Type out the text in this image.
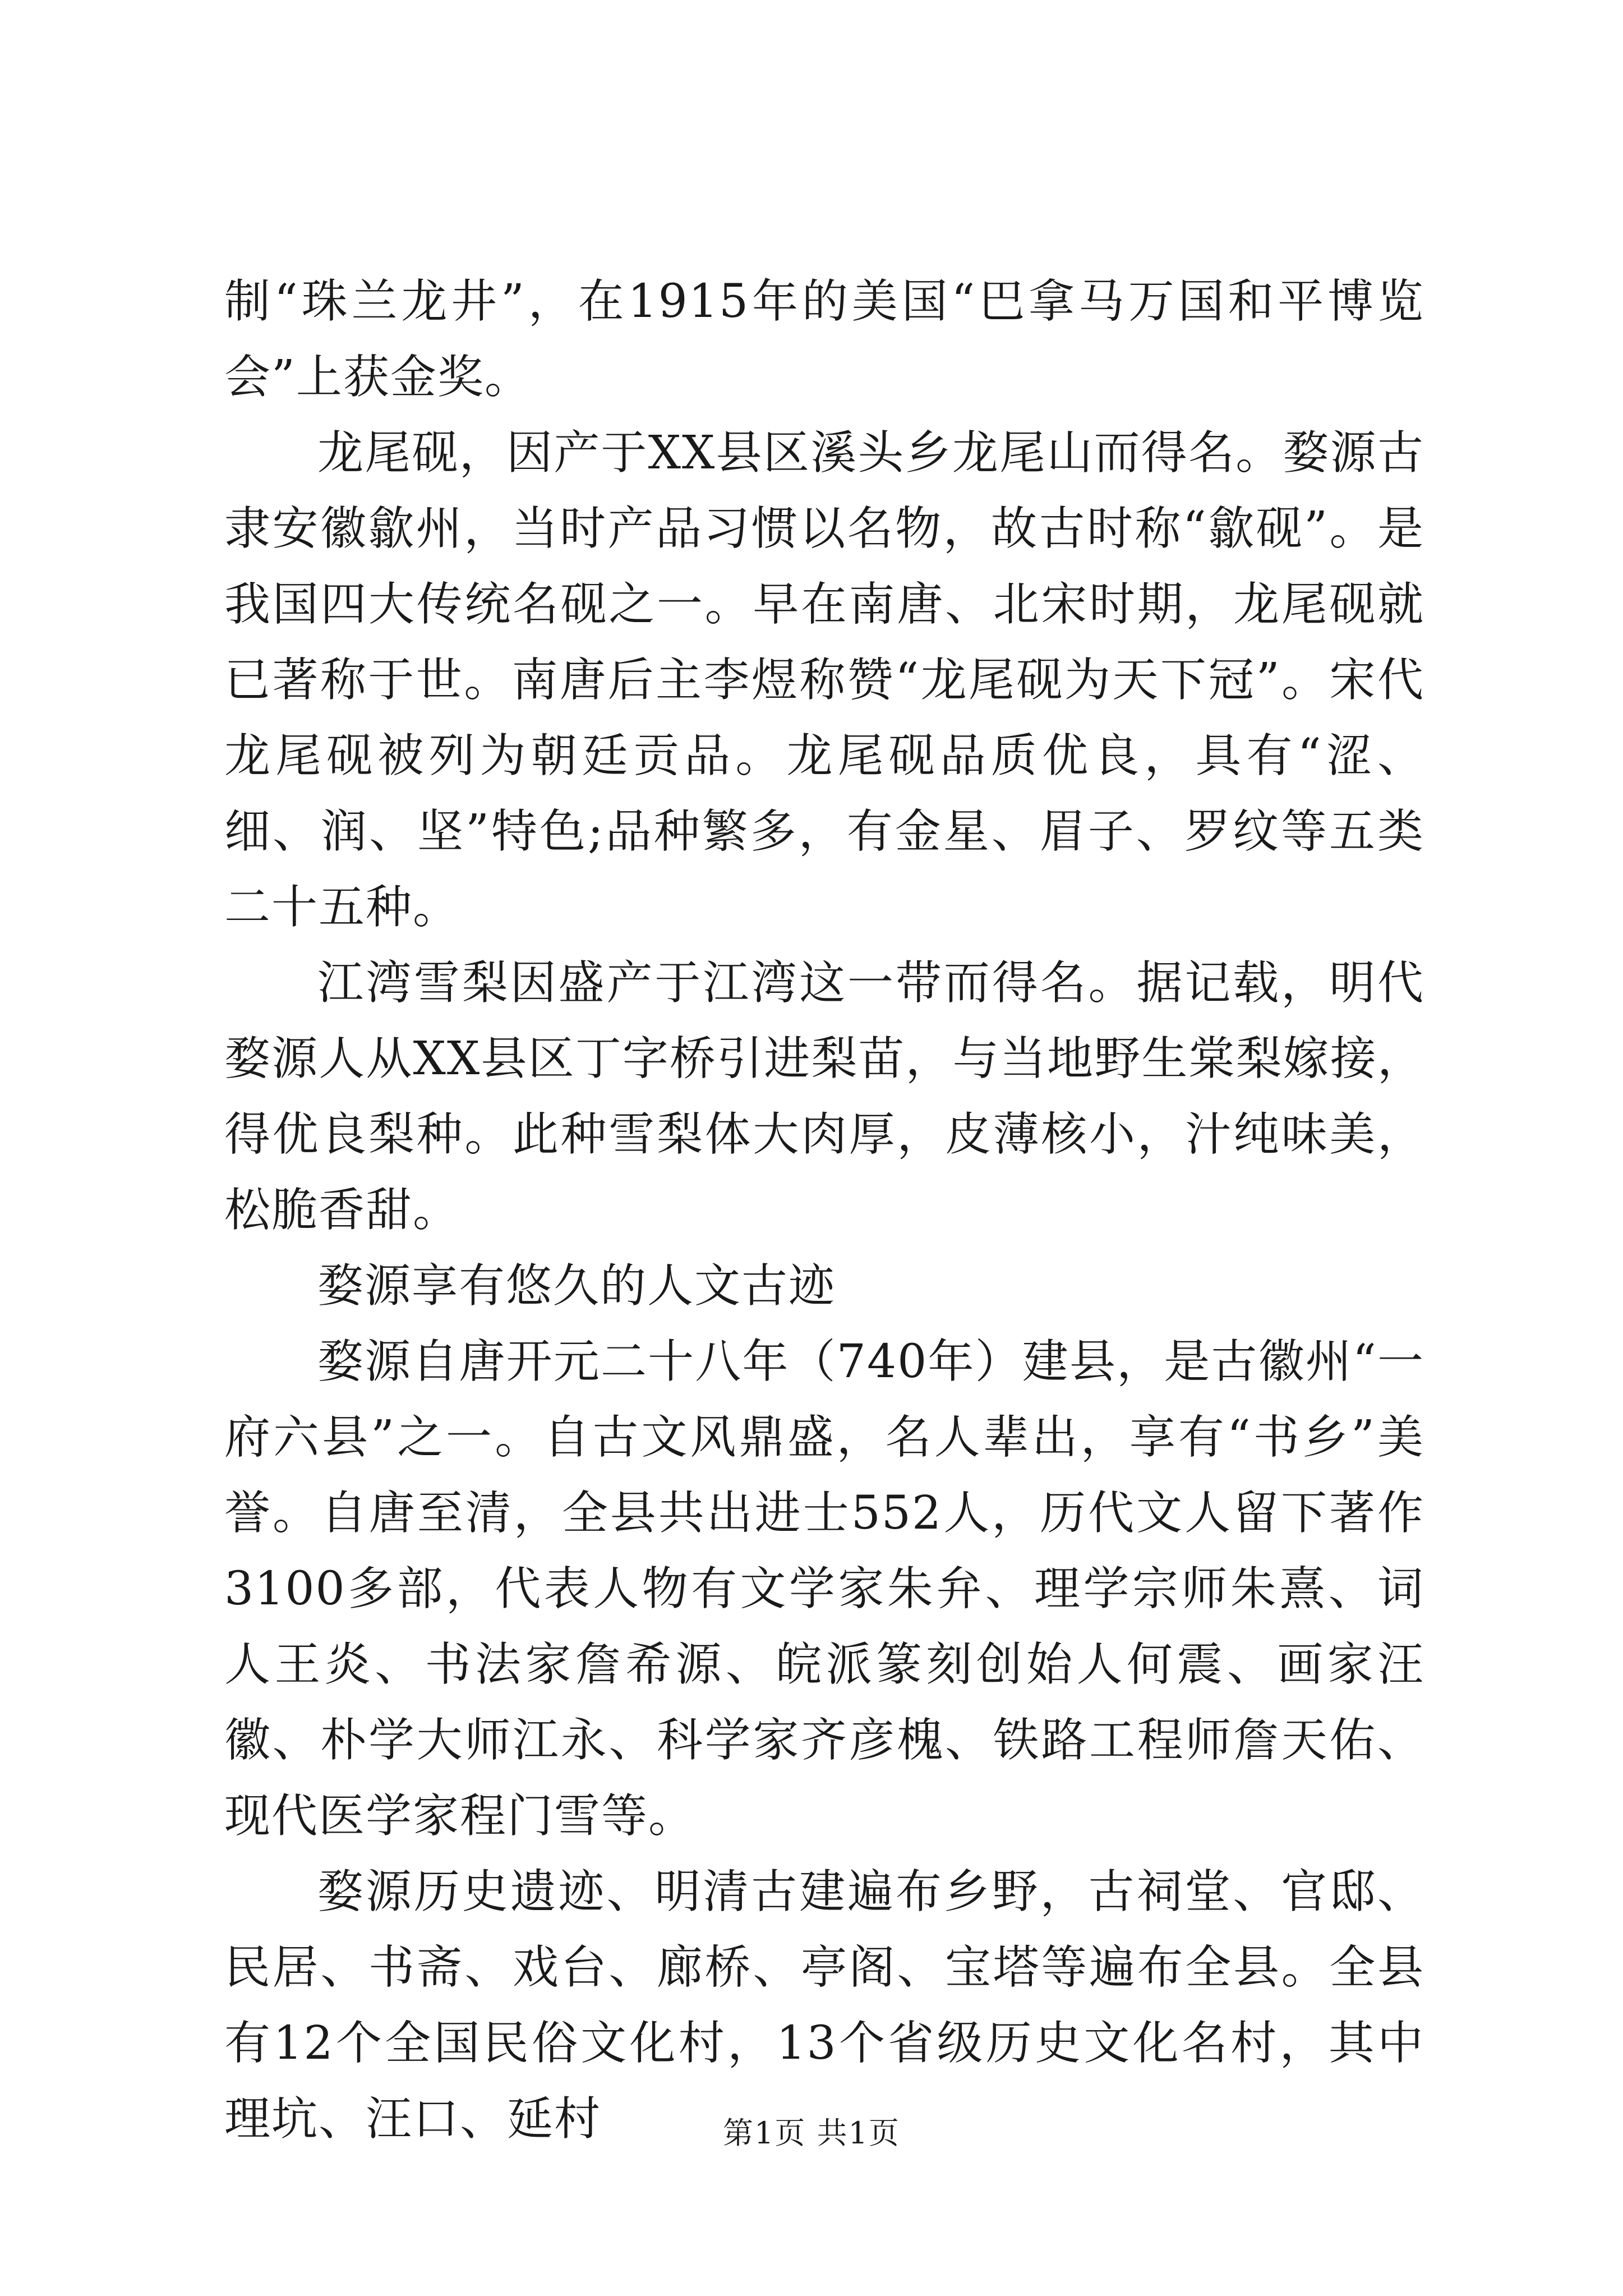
制“珠兰龙井”，在1915年的美国“巴拿马万国和平博览会”上获金奖。

龙尾砚，因产于XX县区溪头乡龙尾山而得名。婺源古隶安徽歙州，当时产品习惯以名物，故古时称“歙砚”。是我国四大传统名砚之一。早在南唐、北宋时期，龙尾砚就已著称于世。南唐后主李煜称赞“龙尾砚为天下冠”。宋代龙尾砚被列为朝廷贡品。龙尾砚品质优良，具有“涩、细、润、坚”特色;品种繁多，有金星、眉子、罗纹等五类二十五种。

江湾雪梨因盛产于江湾这一带而得名。据记载，明代婺源人从XX县区丁字桥引进梨苗，与当地野生棠梨嫁接，得优良梨种。此种雪梨体大肉厚，皮薄核小，汁纯味美，松脆香甜。

婺源享有悠久的人文古迹

婺源自唐开元二十八年（740年）建县，是古徽州“一府六县”之一。自古文风鼎盛，名人辈出，享有“书乡”美誉。自唐至清，全县共出进士552人，历代文人留下著作3100多部，代表人物有文学家朱弁、理学宗师朱熹、词人王炎、书法家詹希源、皖派篆刻创始人何震、画家汪徽、朴学大师江永、科学家齐彦槐、铁路工程师詹天佑、现代医学家程门雪等。

婺源历史遗迹、明清古建遍布乡野，古祠堂、官邸、民居、书斋、戏台、廊桥、亭阁、宝塔等遍布全县。全县有12个全国民俗文化村，13个省级历史文化名村，其中理坑、汪口、延村	第1页 共1页
